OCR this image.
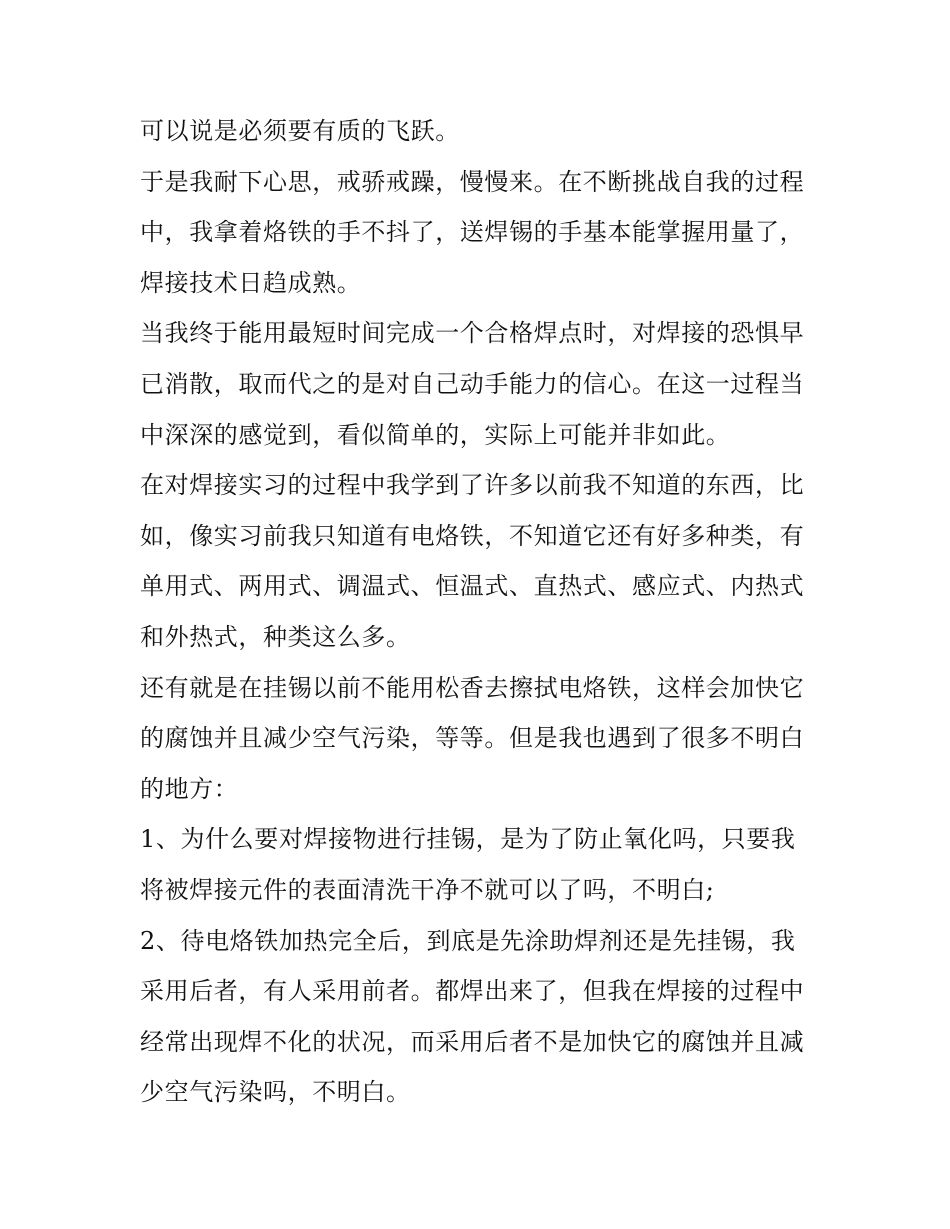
可以说是必须要有质的飞跃。
于是我耐下心思，戒骄戒躁，慢慢来。在不断挑战自我的过程
中，我拿着烙铁的手不抖了，送焊锡的手基本能掌握用量了，
焊接技术日趋成熟。
当我终于能用最短时间完成一个合格焊点时，对焊接的恐惧早
已消散，取而代之的是对自己动手能力的信心。在这一过程当
中深深的感觉到，看似简单的，实际上可能并非如此。
在对焊接实习的过程中我学到了许多以前我不知道的东西，比
如，像实习前我只知道有电烙铁，不知道它还有好多种类，有
单用式、两用式、调温式、恒温式、直热式、感应式、内热式
和外热式，种类这么多。
还有就是在挂锡以前不能用松香去擦拭电烙铁，这样会加快它
的腐蚀并且减少空气污染，等等。但是我也遇到了很多不明白
的地方：
1、为什么要对焊接物进行挂锡，是为了防止氧化吗，只要我
将被焊接元件的表面清洗干净不就可以了吗，不明白;
2、待电烙铁加热完全后，到底是先涂助焊剂还是先挂锡，我
采用后者，有人采用前者。都焊出来了，但我在焊接的过程中
经常出现焊不化的状况，而采用后者不是加快它的腐蚀并且减
少空气污染吗，不明白。
